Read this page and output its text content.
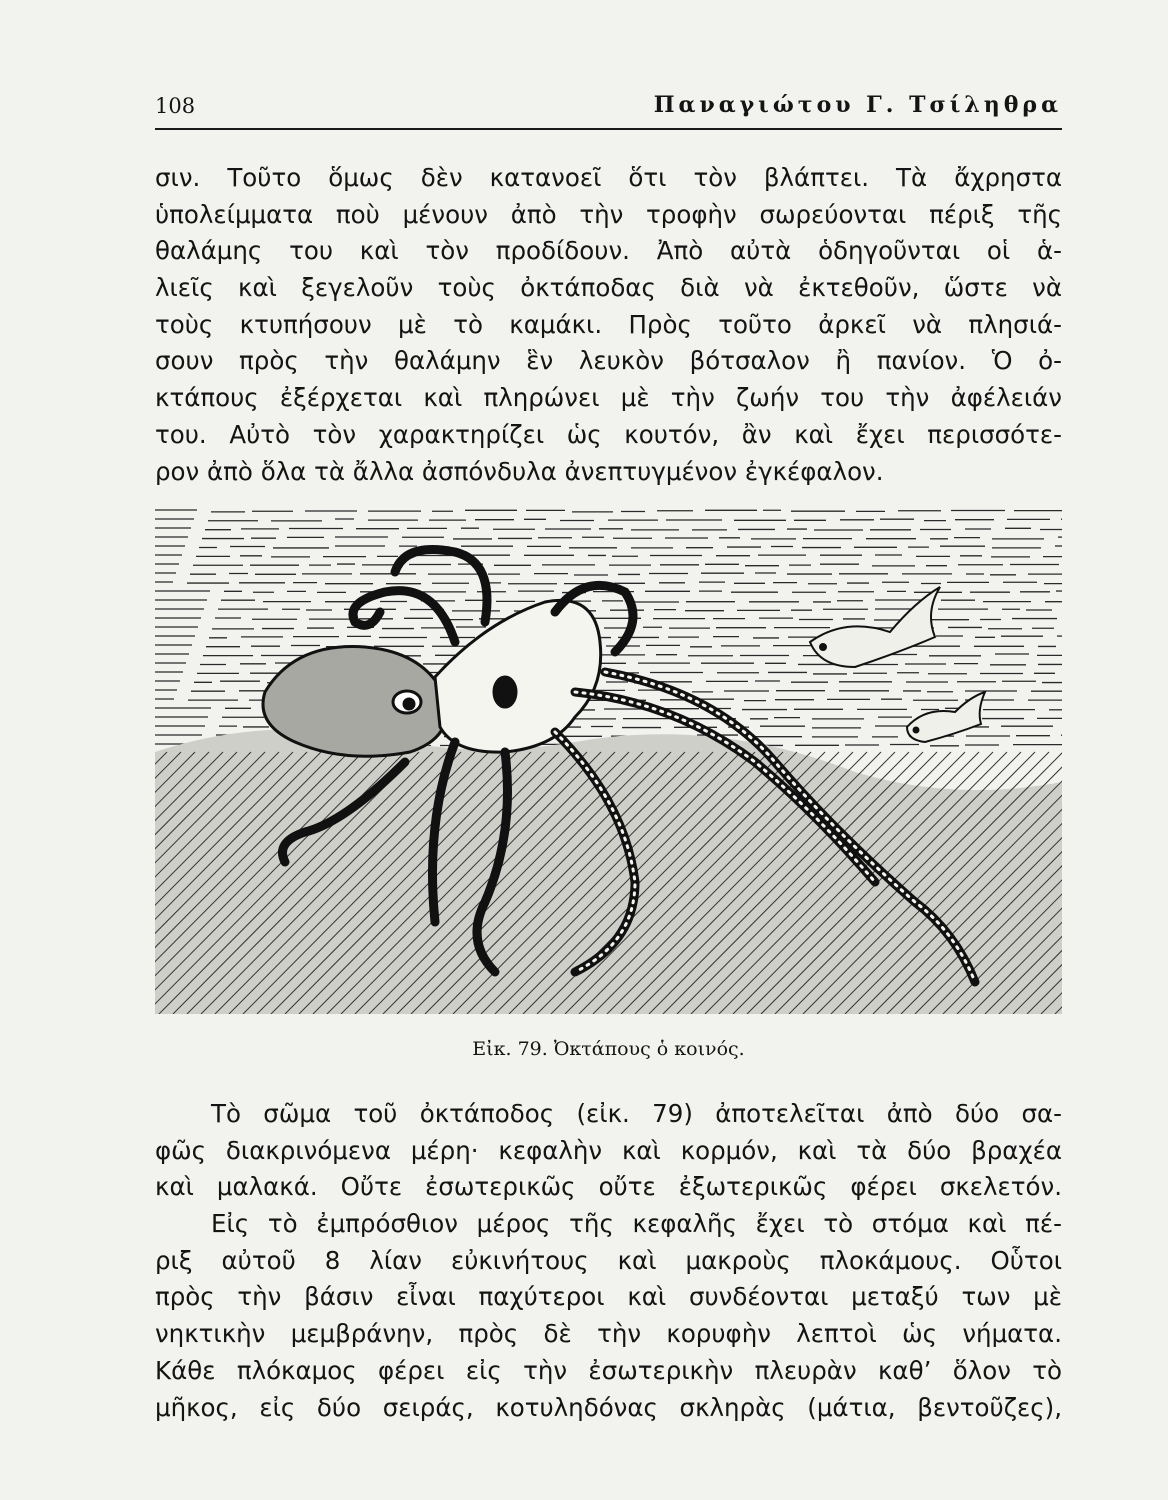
108	Παναγιώτου Γ. Τσίληθρα
σιν. Τοῦτο ὅμως δὲν κατανοεῖ ὅτι τὸν βλάπτει. Τὰ ἄχρηστα
ὑπολείμματα ποὺ μένουν ἀπὸ τὴν τροφὴν σωρεύονται πέριξ τῆς
θαλάμης του καὶ τὸν προδίδουν. Ἀπὸ αὐτὰ ὁδηγοῦνται οἱ ἁ-
λιεῖς καὶ ξεγελοῦν τοὺς ὀκτάποδας διὰ νὰ ἐκτεθοῦν, ὥστε νὰ
τοὺς κτυπήσουν μὲ τὸ καμάκι. Πρὸς τοῦτο ἀρκεῖ νὰ πλησιά-
σουν πρὸς τὴν θαλάμην ἓν λευκὸν βότσαλον ἢ πανίον. Ὁ ὀ-
κτάπους ἐξέρχεται καὶ πληρώνει μὲ τὴν ζωήν του τὴν ἀφέλειάν
του. Αὐτὸ τὸν χαρακτηρίζει ὡς κουτόν, ἂν καὶ ἔχει περισσότε-
ρον ἀπὸ ὅλα τὰ ἄλλα ἀσπόνδυλα ἀνεπτυγμένον ἐγκέφαλον.
Εἰκ. 79. Ὀκτάπους ὁ κοινός.
Τὸ σῶμα τοῦ ὀκτάποδος (εἰκ. 79) ἀποτελεῖται ἀπὸ δύο σα-
φῶς διακρινόμενα μέρη· κεφαλὴν καὶ κορμόν, καὶ τὰ δύο βραχέα
καὶ μαλακά. Οὔτε ἐσωτερικῶς οὔτε ἐξωτερικῶς φέρει σκελετόν.
Εἰς τὸ ἐμπρόσθιον μέρος τῆς κεφαλῆς ἔχει τὸ στόμα καὶ πέ-
ριξ αὐτοῦ 8 λίαν εὐκινήτους καὶ μακροὺς πλοκάμους. Οὗτοι
πρὸς τὴν βάσιν εἶναι παχύτεροι καὶ συνδέονται μεταξύ των μὲ
νηκτικὴν μεμβράνην, πρὸς δὲ τὴν κορυφὴν λεπτοὶ ὡς νήματα.
Κάθε πλόκαμος φέρει εἰς τὴν ἐσωτερικὴν πλευρὰν καθ’ ὅλον τὸ
μῆκος, εἰς δύο σειράς, κοτυληδόνας σκληρὰς (μάτια, βεντοῦζες),
